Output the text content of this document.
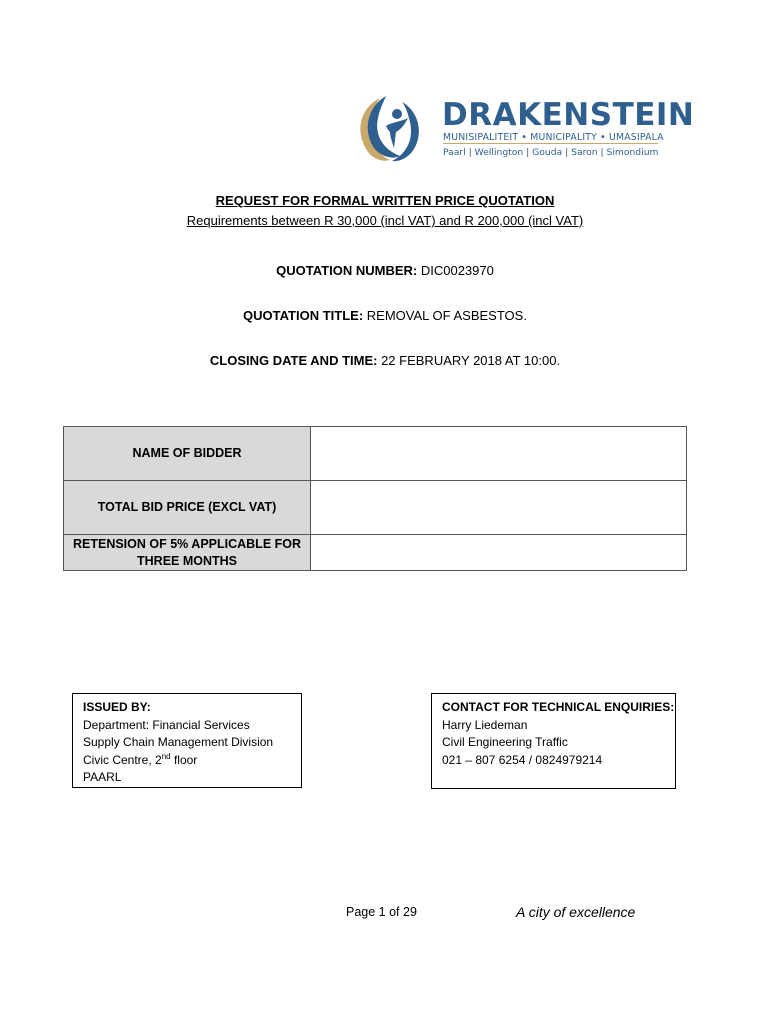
DRAKENSTEIN
MUNISIPALITEIT • MUNICIPALITY • UMASIPALA
Paarl | Wellington | Gouda | Saron | Simondium
REQUEST FOR FORMAL WRITTEN PRICE QUOTATION
Requirements between R 30,000 (incl VAT) and R 200,000 (incl VAT)
QUOTATION NUMBER: DIC0023970
QUOTATION TITLE: REMOVAL OF ASBESTOS.
CLOSING DATE AND TIME: 22 FEBRUARY 2018 AT 10:00.
NAME OF BIDDER	
TOTAL BID PRICE (EXCL VAT)	
RETENSION OF 5% APPLICABLE FOR THREE MONTHS	
ISSUED BY:
Department: Financial Services
Supply Chain Management Division
Civic Centre, 2nd floor
PAARL
CONTACT FOR TECHNICAL ENQUIRIES:
Harry Liedeman
Civil Engineering Traffic
021 – 807 6254 / 0824979214
Page 1 of 29	A city of excellence
